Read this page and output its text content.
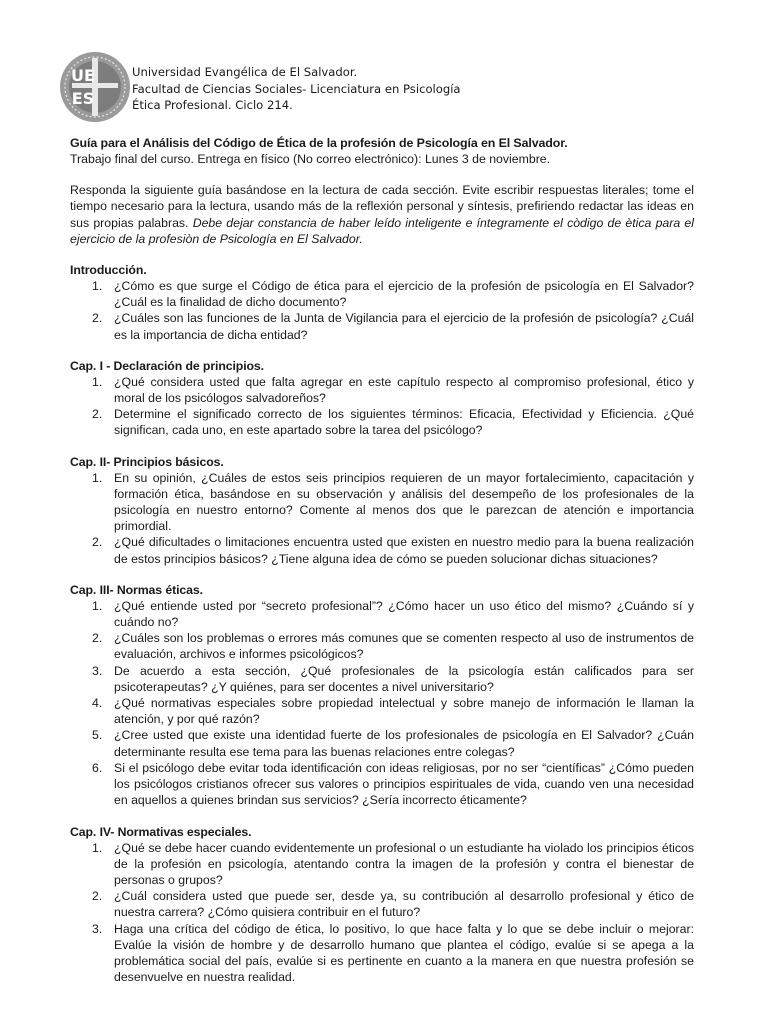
UE
ES
Universidad Evangélica de El Salvador.
Facultad de Ciencias Sociales- Licenciatura en Psicología
Ética Profesional. Ciclo 214.
Guía para el Análisis del Código de Ética de la profesión de Psicología en El Salvador.
Trabajo final del curso. Entrega en físico (No correo electrónico): Lunes 3 de noviembre.
Responda la siguiente guía basándose en la lectura de cada sección. Evite escribir respuestas literales; tome el tiempo necesario para la lectura, usando más de la reflexión personal y síntesis, prefiriendo redactar las ideas en sus propias palabras. Debe dejar constancia de haber leído inteligente e íntegramente el còdigo de ètica para el ejercicio de la profesiòn de Psicología en El Salvador.
Introducción.
1. ¿Cómo es que surge el Código de ética para el ejercicio de la profesión de psicología en El Salvador? ¿Cuál es la finalidad de dicho documento?
2. ¿Cuáles son las funciones de la Junta de Vigilancia para el ejercicio de la profesión de psicología? ¿Cuál es la importancia de dicha entidad?
Cap. I - Declaración de principios.
1. ¿Qué considera usted que falta agregar en este capítulo respecto al compromiso profesional, ético y moral de los psicólogos salvadoreños?
2. Determine el significado correcto de los siguientes términos: Eficacia, Efectividad y Eficiencia. ¿Qué significan, cada uno, en este apartado sobre la tarea del psicólogo?
Cap. II- Principios básicos.
1. En su opinión, ¿Cuáles de estos seis principios requieren de un mayor fortalecimiento, capacitación y formación ética, basándose en su observación y análisis del desempeño de los profesionales de la psicología en nuestro entorno? Comente al menos dos que le parezcan de atención e importancia primordial.
2. ¿Qué dificultades o limitaciones encuentra usted que existen en nuestro medio para la buena realización de estos principios básicos? ¿Tiene alguna idea de cómo se pueden solucionar dichas situaciones?
Cap. III- Normas éticas.
1. ¿Qué entiende usted por “secreto profesional”? ¿Cómo hacer un uso ético del mismo? ¿Cuándo sí y cuándo no?
2. ¿Cuáles son los problemas o errores más comunes que se comenten respecto al uso de instrumentos de evaluación, archivos e informes psicológicos?
3. De acuerdo a esta sección, ¿Qué profesionales de la psicología están calificados para ser psicoterapeutas? ¿Y quiénes, para ser docentes a nivel universitario?
4. ¿Qué normativas especiales sobre propiedad intelectual y sobre manejo de información le llaman la atención, y por qué razón?
5. ¿Cree usted que existe una identidad fuerte de los profesionales de psicología en El Salvador? ¿Cuán determinante resulta ese tema para las buenas relaciones entre colegas?
6. Si el psicólogo debe evitar toda identificación con ideas religiosas, por no ser “científicas” ¿Cómo pueden los psicólogos cristianos ofrecer sus valores o principios espirituales de vida, cuando ven una necesidad en aquellos a quienes brindan sus servicios? ¿Sería incorrecto éticamente?
Cap. IV- Normativas especiales.
1. ¿Qué se debe hacer cuando evidentemente un profesional o un estudiante ha violado los principios éticos de la profesión en psicología, atentando contra la imagen de la profesión y contra el bienestar de personas o grupos?
2. ¿Cuál considera usted que puede ser, desde ya, su contribución al desarrollo profesional y ético de nuestra carrera? ¿Cómo quisiera contribuir en el futuro?
3. Haga una crítica del código de ética, lo positivo, lo que hace falta y lo que se debe incluir o mejorar: Evalúe la visión de hombre y de desarrollo humano que plantea el código, evalúe si se apega a la problemática social del país, evalúe si es pertinente en cuanto a la manera en que nuestra profesión se desenvuelve en nuestra realidad.
